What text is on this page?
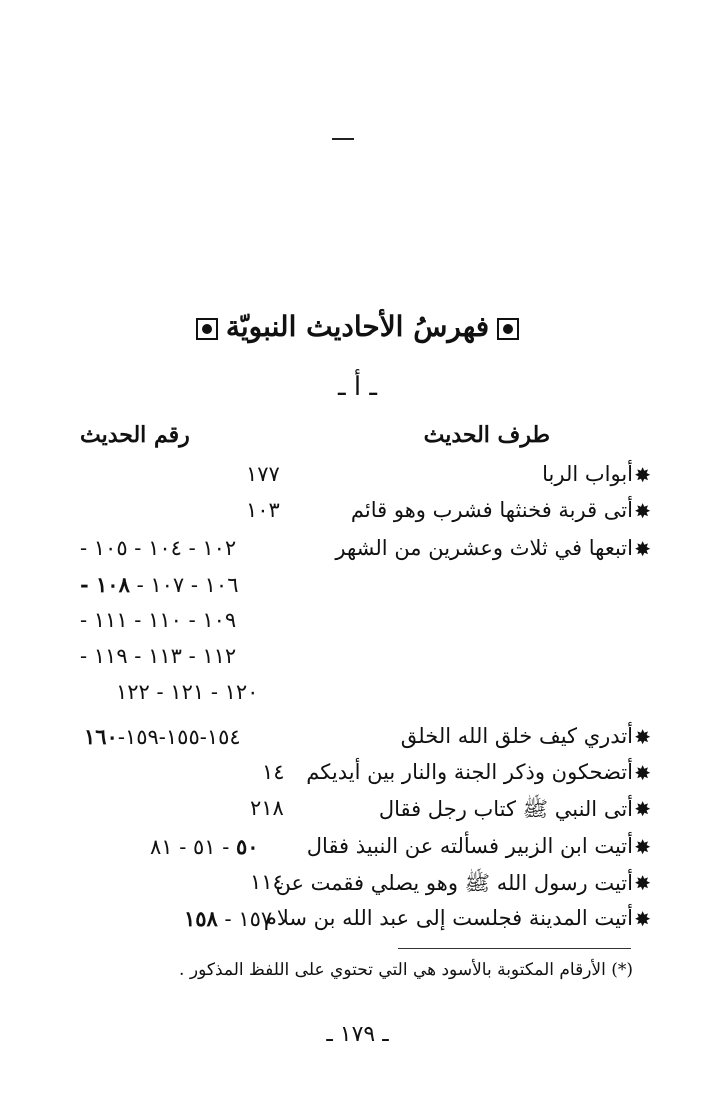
فهرسُ الأحاديث النبويّة
ـ أ ـ
طرف الحديث
رقم الحديث
✸
أبواب الربا
١٧٧
✸
أتى قربة فخنثها فشرب وهو قائم
١٠٣
✸
اتبعها في ثلاث وعشرين من الشهر
١٠٢ - ١٠٤ - ١٠٥ -
١٠٦ - ١٠٧ - ١٠٨ -
١٠٩ - ١١٠ - ١١١ -
١١٢ - ١١٣ - ١١٩ -
١٢٠ - ١٢١ - ١٢٢
✸
أتدري كيف خلق الله الخلق
١٥٤-١٥٥-١٥٩-١٦٠
✸
أتضحكون وذكر الجنة والنار بين أيديكم
١٤
✸
أتى النبي ﷺ كتاب رجل فقال
٢١٨
✸
أتيت ابن الزبير فسألته عن النبيذ فقال
٥٠ - ٥١ - ٨١
✸
أتيت رسول الله ﷺ وهو يصلي فقمت عن
١١٤
✸
أتيت المدينة فجلست إلى عبد الله بن سلام
١٥٧ - ١٥٨
(*) الأرقام المكتوبة بالأسود هي التي تحتوي على اللفظ المذكور .
ـ ١٧٩ ـ
